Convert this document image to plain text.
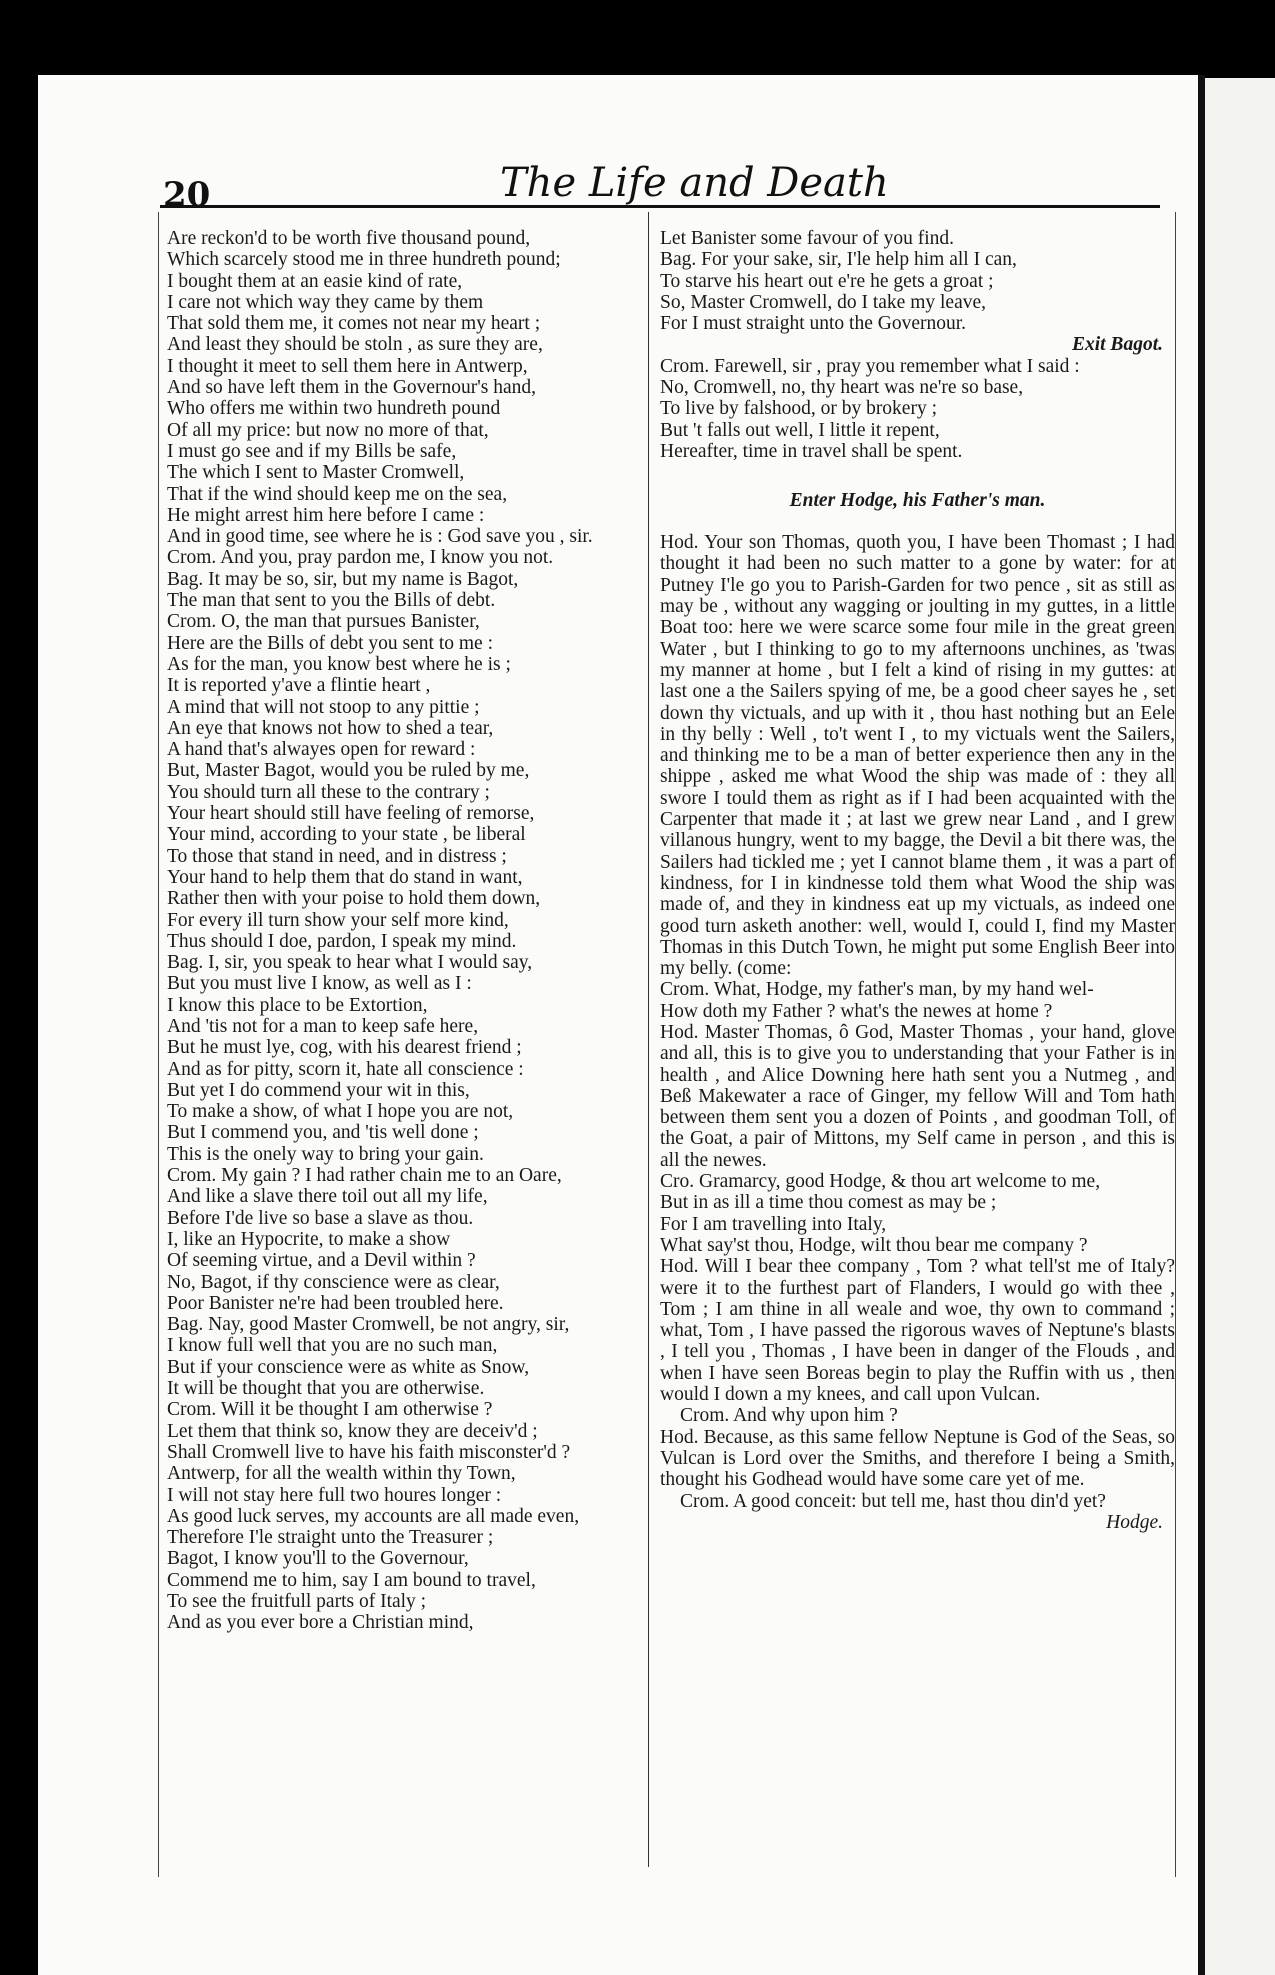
20	The Life and Death
Are reckon'd to be worth five thousand pound,
Which scarcely stood me in three hundreth pound;
I bought them at an easie kind of rate,
I care not which way they came by them
That sold them me, it comes not near my heart ;
And least they should be stoln , as sure they are,
I thought it meet to sell them here in Antwerp,
And so have left them in the Governour's hand,
Who offers me within two hundreth pound
Of all my price: but now no more of that,
I must go see and if my Bills be safe,
The which I sent to Master Cromwell,
That if the wind should keep me on the sea,
He might arrest him here before I came :
And in good time, see where he is : God save you , sir.
Crom. And you, pray pardon me, I know you not.
Bag. It may be so, sir, but my name is Bagot,
The man that sent to you the Bills of debt.
Crom. O, the man that pursues Banister,
Here are the Bills of debt you sent to me :
As for the man, you know best where he is ;
It is reported y'ave a flintie heart ,
A mind that will not stoop to any pittie ;
An eye that knows not how to shed a tear,
A hand that's alwayes open for reward :
But, Master Bagot, would you be ruled by me,
You should turn all these to the contrary ;
Your heart should still have feeling of remorse,
Your mind, according to your state , be liberal
To those that stand in need, and in distress ;
Your hand to help them that do stand in want,
Rather then with your poise to hold them down,
For every ill turn show your self more kind,
Thus should I doe, pardon, I speak my mind.
Bag. I, sir, you speak to hear what I would say,
But you must live I know, as well as I :
I know this place to be Extortion,
And 'tis not for a man to keep safe here,
But he must lye, cog, with his dearest friend ;
And as for pitty, scorn it, hate all conscience :
But yet I do commend your wit in this,
To make a show, of what I hope you are not,
But I commend you, and 'tis well done ;
This is the onely way to bring your gain.
Crom. My gain ? I had rather chain me to an Oare,
And like a slave there toil out all my life,
Before I'de live so base a slave as thou.
I, like an Hypocrite, to make a show
Of seeming virtue, and a Devil within ?
No, Bagot, if thy conscience were as clear,
Poor Banister ne're had been troubled here.
Bag. Nay, good Master Cromwell, be not angry, sir,
I know full well that you are no such man,
But if your conscience were as white as Snow,
It will be thought that you are otherwise.
Crom. Will it be thought I am otherwise ?
Let them that think so, know they are deceiv'd ;
Shall Cromwell live to have his faith misconster'd ?
Antwerp, for all the wealth within thy Town,
I will not stay here full two houres longer :
As good luck serves, my accounts are all made even,
Therefore I'le straight unto the Treasurer ;
Bagot, I know you'll to the Governour,
Commend me to him, say I am bound to travel,
To see the fruitfull parts of Italy ;
And as you ever bore a Christian mind,
Let Banister some favour of you find.
Bag. For your sake, sir, I'le help him all I can,
To starve his heart out e're he gets a groat ;
So, Master Cromwell, do I take my leave,
For I must straight unto the Governour.
Exit Bagot.
Crom. Farewell, sir , pray you remember what I said :
No, Cromwell, no, thy heart was ne're so base,
To live by falshood, or by brokery ;
But 't falls out well, I little it repent,
Hereafter, time in travel shall be spent.
Enter Hodge, his Father's man.
Hod. Your son Thomas, quoth you, I have been Thomast ; I had thought it had been no such matter to a gone by water: for at Putney I'le go you to Parish-Garden for two pence , sit as still as may be , without any wagging or joulting in my guttes, in a little Boat too: here we were scarce some four mile in the great green Water , but I thinking to go to my afternoons unchines, as 'twas my manner at home , but I felt a kind of rising in my guttes: at last one a the Sailers spying of me, be a good cheer sayes he , set down thy victuals, and up with it , thou hast nothing but an Eele in thy belly : Well , to't went I , to my victuals went the Sailers, and thinking me to be a man of better experience then any in the shippe , asked me what Wood the ship was made of : they all swore I tould them as right as if I had been acquainted with the Carpenter that made it ; at last we grew near Land , and I grew villanous hungry, went to my bagge, the Devil a bit there was, the Sailers had tickled me ; yet I cannot blame them , it was a part of kindness, for I in kindnesse told them what Wood the ship was made of, and they in kindness eat up my victuals, as indeed one good turn asketh another: well, would I, could I, find my Master Thomas in this Dutch Town, he might put some English Beer into my belly. (come:
Crom. What, Hodge, my father's man, by my hand wel-
How doth my Father ? what's the newes at home ?
Hod. Master Thomas, ô God, Master Thomas , your hand, glove and all, this is to give you to understanding that your Father is in health , and Alice Downing here hath sent you a Nutmeg , and Beß Makewater a race of Ginger, my fellow Will and Tom hath between them sent you a dozen of Points , and goodman Toll, of the Goat, a pair of Mittons, my Self came in person , and this is all the newes.
Cro. Gramarcy, good Hodge, & thou art welcome to me,
But in as ill a time thou comest as may be ;
For I am travelling into Italy,
What say'st thou, Hodge, wilt thou bear me company ?
Hod. Will I bear thee company , Tom ? what tell'st me of Italy? were it to the furthest part of Flanders, I would go with thee , Tom ; I am thine in all weale and woe, thy own to command ; what, Tom , I have passed the rigorous waves of Neptune's blasts , I tell you , Thomas , I have been in danger of the Flouds , and when I have seen Boreas begin to play the Ruffin with us , then would I down a my knees, and call upon Vulcan.
Crom. And why upon him ?
Hod. Because, as this same fellow Neptune is God of the Seas, so Vulcan is Lord over the Smiths, and therefore I being a Smith, thought his Godhead would have some care yet of me.
Crom. A good conceit: but tell me, hast thou din'd yet?
Hodge.
